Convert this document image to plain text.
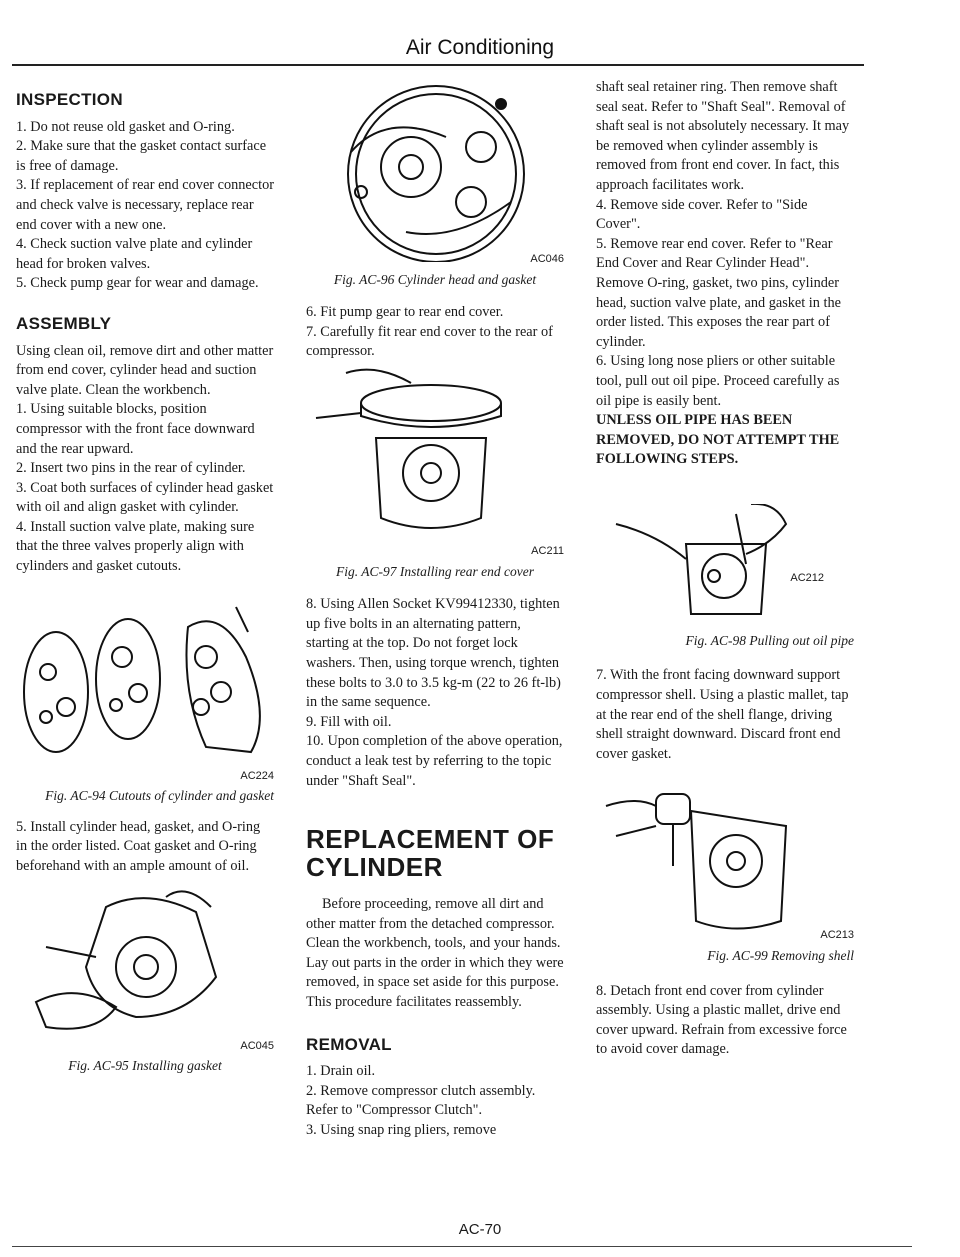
Air Conditioning
INSPECTION

1. Do not reuse old gasket and O-ring.

2. Make sure that the gasket contact surface is free of damage.

3. If replacement of rear end cover connector and check valve is necessary, replace rear end cover with a new one.

4. Check suction valve plate and cylinder head for broken valves.

5. Check pump gear for wear and damage.

ASSEMBLY

Using clean oil, remove dirt and other matter from end cover, cylinder head and suction valve plate. Clean the workbench.

1. Using suitable blocks, position compressor with the front face downward and the rear upward.

2. Insert two pins in the rear of cylinder.

3. Coat both surfaces of cylinder head gasket with oil and align gasket with cylinder.

4. Install suction valve plate, making sure that the three valves properly align with cylinders and gasket cutouts.

AC224
Fig. AC-94 Cutouts of cylinder and gasket

5. Install cylinder head, gasket, and O-ring in the order listed. Coat gasket and O-ring beforehand with an ample amount of oil.

AC045
Fig. AC-95 Installing gasket
AC046
Fig. AC-96 Cylinder head and gasket

6. Fit pump gear to rear end cover.

7. Carefully fit rear end cover to the rear of compressor.

AC211
Fig. AC-97 Installing rear end cover

8. Using Allen Socket KV99412330, tighten up five bolts in an alternating pattern, starting at the top. Do not forget lock washers. Then, using torque wrench, tighten these bolts to 3.0 to 3.5 kg-m (22 to 26 ft-lb) in the same sequence.

9. Fill with oil.

10. Upon completion of the above operation, conduct a leak test by referring to the topic under "Shaft Seal".

REPLACEMENT OF CYLINDER

Before proceeding, remove all dirt and other matter from the detached compressor. Clean the workbench, tools, and your hands. Lay out parts in the order in which they were removed, in space set aside for this purpose. This procedure facilitates reassembly.

REMOVAL

1. Drain oil.

2. Remove compressor clutch assembly. Refer to "Compressor Clutch".

3. Using snap ring pliers, remove

shaft seal retainer ring. Then remove shaft seal seat. Refer to "Shaft Seal". Removal of shaft seal is not absolutely necessary. It may be removed when cylinder assembly is removed from front end cover. In fact, this approach facilitates work.

4. Remove side cover. Refer to "Side Cover".

5. Remove rear end cover. Refer to "Rear End Cover and Rear Cylinder Head". Remove O-ring, gasket, two pins, cylinder head, suction valve plate, and gasket in the order listed. This exposes the rear part of cylinder.

6. Using long nose pliers or other suitable tool, pull out oil pipe. Proceed carefully as oil pipe is easily bent.

UNLESS OIL PIPE HAS BEEN REMOVED, DO NOT ATTEMPT THE FOLLOWING STEPS.

AC212
Fig. AC-98 Pulling out oil pipe

7. With the front facing downward support compressor shell. Using a plastic mallet, tap at the rear end of the shell flange, driving shell straight downward. Discard front end cover gasket.

AC213
Fig. AC-99 Removing shell

8. Detach front end cover from cylinder assembly. Using a plastic mallet, drive end cover upward. Refrain from excessive force to avoid cover damage.

AC-70
